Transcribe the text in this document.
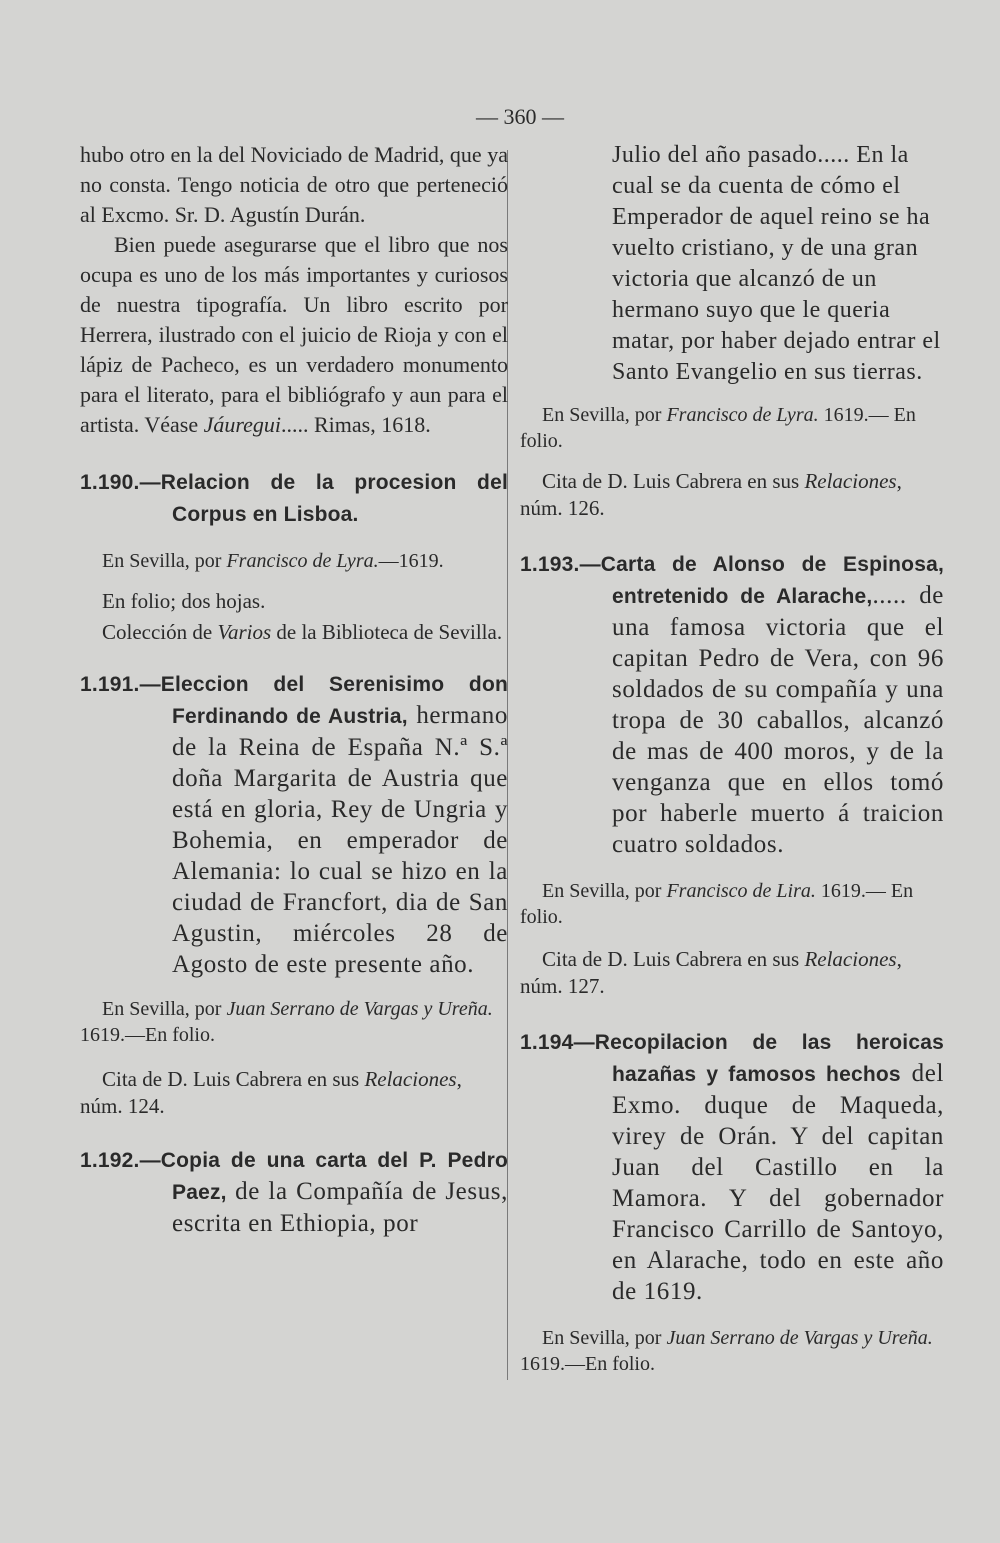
— 360 —

hubo otro en la del Noviciado de Madrid, que ya no consta. Tengo noticia de otro que perteneció al Excmo. Sr. D. Agustín Durán.

Bien puede asegurarse que el libro que nos ocupa es uno de los más importantes y curiosos de nuestra tipografía. Un libro escrito por Herrera, ilustrado con el juicio de Rioja y con el lápiz de Pacheco, es un verdadero monumento para el literato, para el bibliógrafo y aun para el artista. Véase Jáuregui..... Rimas, 1618.

1.190.—Relacion de la procesion del Corpus en Lisboa.

En Sevilla, por Francisco de Lyra.—1619.

En folio; dos hojas.

Colección de Varios de la Biblioteca de Sevilla.

1.191.—Eleccion del Serenisimo don Ferdinando de Austria, hermano de la Reina de España N.ª S.ª doña Margarita de Austria que está en gloria, Rey de Ungria y Bohemia, en emperador de Alemania: lo cual se hizo en la ciudad de Francfort, dia de San Agustin, miércoles 28 de Agosto de este presente año.

En Sevilla, por Juan Serrano de Vargas y Ureña. 1619.—En folio.

Cita de D. Luis Cabrera en sus Relaciones, núm. 124.

1.192.—Copia de una carta del P. Pedro Paez, de la Compañía de Jesus, escrita en Ethiopia, por

Julio del año pasado..... En la cual se da cuenta de cómo el Emperador de aquel reino se ha vuelto cristiano, y de una gran victoria que alcanzó de un hermano suyo que le queria matar, por haber dejado entrar el Santo Evangelio en sus tierras.

En Sevilla, por Francisco de Lyra. 1619.— En folio.

Cita de D. Luis Cabrera en sus Relaciones, núm. 126.

1.193.—Carta de Alonso de Espinosa, entretenido de Alarache,..... de una famosa victoria que el capitan Pedro de Vera, con 96 soldados de su compañía y una tropa de 30 caballos, alcanzó de mas de 400 moros, y de la venganza que en ellos tomó por haberle muerto á traicion cuatro soldados.

En Sevilla, por Francisco de Lira. 1619.— En folio.

Cita de D. Luis Cabrera en sus Relaciones, núm. 127.

1.194—Recopilacion de las heroicas hazañas y famosos hechos del Exmo. duque de Maqueda, virey de Orán. Y del capitan Juan del Castillo en la Mamora. Y del gobernador Francisco Carrillo de Santoyo, en Alarache, todo en este año de 1619.

En Sevilla, por Juan Serrano de Vargas y Ureña. 1619.—En folio.
